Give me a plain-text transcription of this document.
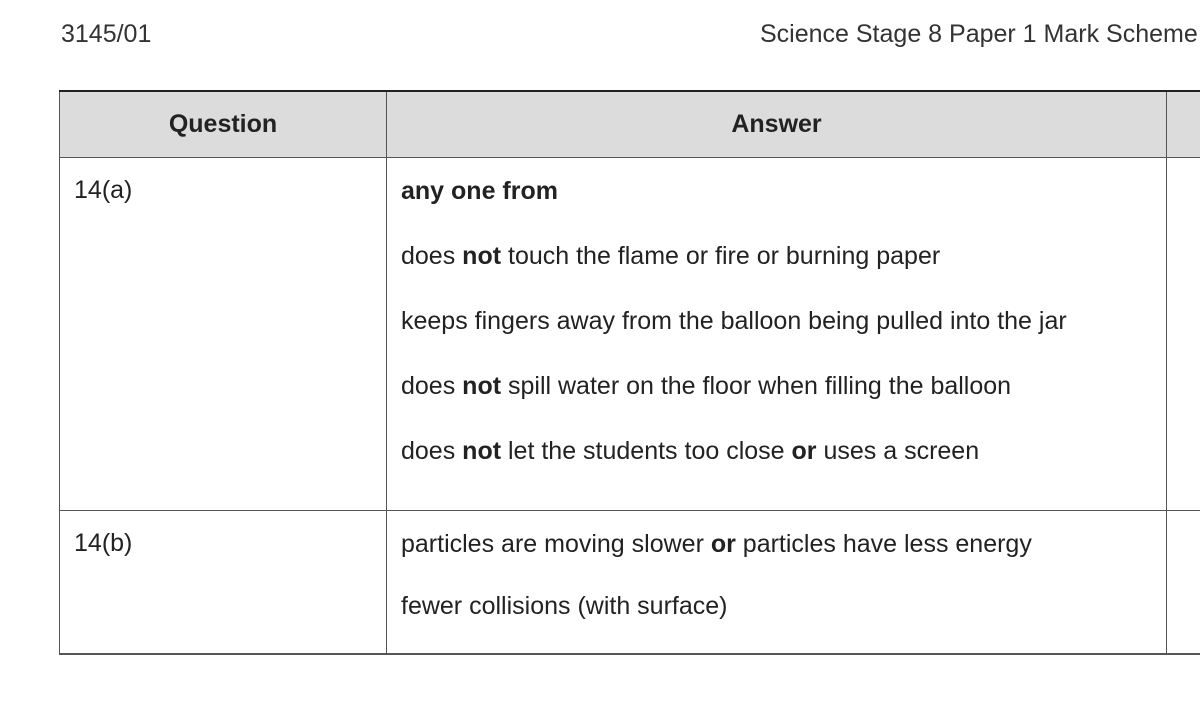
3145/01	Science Stage 8 Paper 1 Mark Scheme

Question	Answer	
14(a)	any one from

does not touch the flame or fire or burning paper

keeps fingers away from the balloon being pulled into the jar

does not spill water on the floor when filling the balloon

does not let the students too close or uses a screen	

14(b)	particles are moving slower or particles have less energy

fewer collisions (with surface)	
